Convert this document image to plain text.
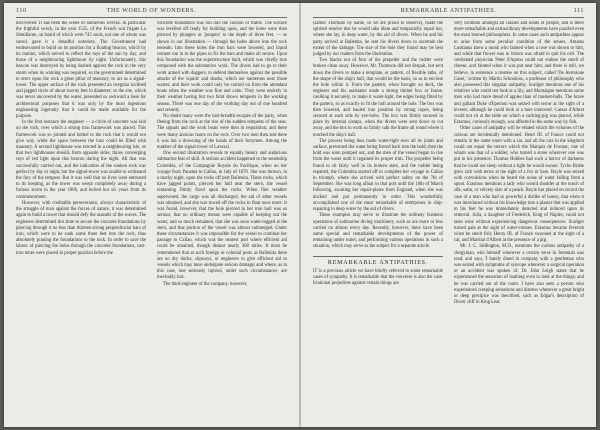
110	THE WORLD OF WONDERS.

discovered. It has been the scene of numerous wrecks. In particular the frightful wreck, in the year 1535, of the French war frigate La Sémillante, on board of which were 745 souls, not one of whom was saved, gave it a dreadful notoriety. The Government had endeavoured to build on its position for a floating beacon, which by its motion, which served to reflect the rays of the sun by day, and those of a neighbouring lighthouse by night. Unfortunately, this beacon was destroyed by being dashed against the rock in the very storm when its warning was required, so the government determined to erect upon the rock a great pillar of masonry, to act as a signal-tower. The upper surface of the rock presented an irregular inclined and jagged circle of about twenty feet in diameter; so the site, which was never uncovered by the water, presented so awkward a base for architectural purposes that it was only by the most ingenious engineering ingenuity that it could be made available for the purpose.

In the first instance the engineer — a circle of concrete was laid on the rock, over which a strong iron framework was placed. This framework was so jointed and bolted to the rock that it would not give way, while the space between the bars could be filled with masonry. A second lighthouse was erected in a neighbouring isle, so that two lighthouses should, from opposite sides, throw converging rays of red light upon this beacon during the night. All that was successfully carried out, and the indication of the sunken rock was perfect by day or night, but the signal-tower was unable to withstand the fury of the tempest. But it was well that no lives were entrusted to its keeping, as the tower was swept completely away during a furious storm in the year 1866, and buried but six years from its commencement.

However, with creditable perseverance, always characteristic of the struggle of man against the forces of nature, it was determined again to build a tower that should defy the assaults of the waves. The engineers determined this time to secure the concrete foundations by piercing through it no less than thirteen strong perpendicular bars of iron, which were to be sunk some three feet into the rock, thus absolutely pinning the foundations to the rock. In order to save the labour of piercing the holes through the concrete foundations, cast-iron tubes were placed in proper position before the

concrete foundation was run into the caisson or frame. The surface was levelled off ready for building upon, and the holes were then pierced by plungers or 'jumpers' to the depth of three feet, — as shown in our illustration — through the holes above into the rock beneath. Into these holes the iron bars were lowered, and liquid cement run in to the pipes to fix the bars and make all secure. Upon this foundation was the superstructure built, which was chiefly iron composed with the substantive work. The divers had to go to their work armed with daggers, to defend themselves against the possible attacks of the 'squids' and sharks, which are numerous near those waters; and their work could only be carried on from the attendant boats when the weather was fine and calm. They were entirely in their weather having but two faint shows tempests in the working season. There was one day of the working day out of one hundred and seventy.

No doubt many were the hair-breadth escapes of the party, when fleeing from the rock at the rise of the sudden tempests of the seas. The signals and the work boats were then in requisition; and there were many anxious hours on the rock. Over two men then and there it was but a drowning of the hands of their ferrymen. Among the number of the signal-tower of Lavezzi.

One second illustration reveals to equally beauty and audacious submarine feat of skill. A serious accident happened to the steamship Colombia, of the Compagnie Royale du Pacifique, when on her voyage from Panama to Callao, in July of 1878. She was thrown, in a murky night, upon the rocks off port Ballenita. These rocks, which have jagged points, pierced her hull near the stern, the vessel remaining firmly fixed upon the rocks. When fine weather supervened, the cargo was all discharged, the aid of other vessels was obtained, and she was towed off the rocks to float once more. It was found, however, that the hole pierced in her iron hull was so serious, that no ordinary means were capable of keeping out the water, and so much remained, that she was soon water-logged at the stern, and that portion of the vessel was almost submerged. Under these circumstances it was impossible for the vessel to continue her passage to Callao, which was the nearest port where efficient aid could be obtained, though distant nearly 300 miles. It must be remembered that at such foreign or colonial ports as Ballenita there are no dry docks, slipways, or engineers to give efficient aid to vessels which may have undergone serious damage; and where, as in this case, one seriously injured, under such circumstances, are inevitably lost.

The third engineer of the company, however,

REMARKABLE ANTIPATHIES.	111

(James Thomson by name, so we are proud to observe), made the spirited resolve that he would take ideas and temporarily repair her, where she lay, in deep water, by the aid of divers. When he and his party arrived at Ballenita, he sent his divers down to ascertain the extent of the damage. The size of the hole they found may be best judged by our readers from the illustration.

Two blacks out of four of the propeller and the rudder were broken clean away. However, Mr. Thomson did not despair, but sent down the divers to make a template, or pattern, of flexible laths, of the shape of the ship's hull, that would be the basis, so as to enclose the hole within it. From the pattern, when brought on deck, the engineer and his assistants made a strong timber box or frame, caulking it securely, to make it water-tight, the edges being fitted by the pattern, so as exactly to fit the hull around the hole. The box was then lowered, and hauled into position by strong ropes, being secured at each side by eye-bolts. The box was firmly secured in place by internal clamps, when the divers were sent down to cut away, and the box to work so firmly calk the frame all round where it touched the ship's hull.

The process being thus made water-tight over all its joints and surface, prevented the water being forced back into the hold; then the hold was soon pumped out, and the men of the vessel began to rise from the water until it regained its proper trim. The propeller being found to sit fairly well in its broken state, and the rudder being repaired, the Colombia started off to complete her voyage to Callao in triumph, where she arrived with perfect safety on the 7th of September. She was long afloat in that port until the 18th of March following, awaiting her repair-plates from England, when she was docked and put permanently in order. This wonderfully accomplished one of the most remarkable of enterprises in ship-repairing in deep water by the aid of divers.

These examples may serve to illustrate the ordinary business operations of submarine diving machinery, such as are more or less carried on almost every day. Recently, however, there have been some special and remarkable developments of the power of remaining under water, and performing various operations in such a situation, which may serve as the subject for a separate article.

REMARKABLE ANTIPATHIES.

IT is a previous article we have briefly referred to some remarkable cases of sympathy. It is remarkable that the converse is also the case. Irrational prejudices against certain things are

very common amongst all classes and kinds of people, and is there more remarkable and extraordinary developments have puzzled even the most learned philosophers. In some cases such antipathies appear to arise from some peculiar condition of the senses. Amatus Lusitanus knew a monk who fainted when a rose was shown to him, and while that flower was in bloom was afraid to quit his cell. The celebrated physician Peter d'Apono could not endure the smell of cheese, and fainted when it was put near him; and there is still, we believe, in existence a treatise on this subject, called 'De Aversione Casei,' written by Martin Schookius, a professor of philosophy who also possessed this singular antipathy. Scaliger mentions one of his relatives who could not look at a lily, and Montaigne mentions some men who had more dread of apples than of musket-balls. The brave and gallant Duke d'Epernon was seized with terror at the sight of a leveret, although he could look at a hare unmoved. Caesar d'Albret could not sit at the table on which a sucking-pig was placed, while Erasmus, curiously enough, was affected in the same way by fish.

Other cases of antipathy will be related which the volumes of the curious are incidentally mentioned. Henri III. of France could not remain in the same room with a cat, and all the cats in the kingdom could not equal the terrors which the Marquis de Frontac, one of whom was that of a soldier, who turned a stone wherever one was put in his presence. Thomas Hobbes had such a horror of darkness that he could not sleep without a light he would swoon. Tycho Brahe grew sick with terror at the sight of a fox or hare. Boyle was seized with convulsions when he heard the noise of water falling from a spout. Erasmus mentions a lady who would shudder at the touch of silk, satin, or velvety skin of a peach. Boyle has placed on record the case of a man who had so powerful a dislike of honey, that when it was introduced without his knowledge into a plaster that was applied to his feet he was immediately detected and induced upon its removal. Julia, a daughter of Frederick, King of Naples, could not taste wine without experiencing dangerous consequences. Scaliger turned pale at the sight of water-cresses. Erasmus became feverish when he smelt fish; Henry III. of France swooned at the sight of a cat, and Marshal d'Albert at the presence of a pig.

Mr. J. C. Stillington, M.D., mentions the curious antipathy of a clergyman, who himself whenever a certain verse in Jeremiah was read; and says, 'I barely dined in company with a gentleman who was seized with symptoms of syncope whenever a surgical operation or an accident was spoken of. Dr. John Leigh states that he experienced the sensation of loathing even to look at the things; and he was carried out of the room. I have also seen a person who experienced creeping sensations and distress whenever a great bright or deep precipice was described, such as Edgar's description of Dover cliff in King Lear.
